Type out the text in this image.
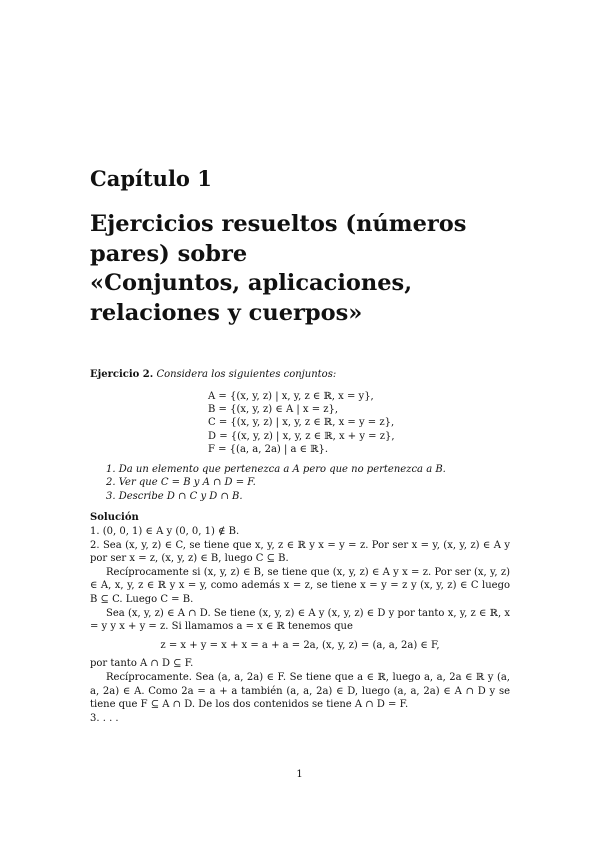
Capítulo 1
Ejercicios resueltos (números
pares) sobre
«Conjuntos, aplicaciones,
relaciones y cuerpos»

Ejercicio 2. Considera los siguientes conjuntos:

A = {(x, y, z) | x, y, z ∈ ℝ, x = y},
B = {(x, y, z) ∈ A | x = z},
C = {(x, y, z) | x, y, z ∈ ℝ, x = y = z},
D = {(x, y, z) | x, y, z ∈ ℝ, x + y = z},
F = {(a, a, 2a) | a ∈ ℝ}.
1. Da un elemento que pertenezca a A pero que no pertenezca a B.
2. Ver que C = B y A ∩ D = F.
3. Describe D ∩ C y D ∩ B.

Solución

1. (0, 0, 1) ∈ A y (0, 0, 1) ∉ B.

2. Sea (x, y, z) ∈ C, se tiene que x, y, z ∈ ℝ y x = y = z. Por ser x = y, (x, y, z) ∈ A y por ser x = z, (x, y, z) ∈ B, luego C ⊆ B.

Recíprocamente si (x, y, z) ∈ B, se tiene que (x, y, z) ∈ A y x = z. Por ser (x, y, z) ∈ A, x, y, z ∈ ℝ y x = y, como además x = z, se tiene x = y = z y (x, y, z) ∈ C luego B ⊆ C. Luego C = B.

Sea (x, y, z) ∈ A ∩ D. Se tiene (x, y, z) ∈ A y (x, y, z) ∈ D y por tanto x, y, z ∈ ℝ, x = y y x + y = z. Si llamamos a = x ∈ ℝ tenemos que

z = x + y = x + x = a + a = 2a, (x, y, z) = (a, a, 2a) ∈ F,

por tanto A ∩ D ⊆ F.

Recíprocamente. Sea (a, a, 2a) ∈ F. Se tiene que a ∈ ℝ, luego a, a, 2a ∈ ℝ y (a, a, 2a) ∈ A. Como 2a = a + a también (a, a, 2a) ∈ D, luego (a, a, 2a) ∈ A ∩ D y se tiene que F ⊆ A ∩ D. De los dos contenidos se tiene A ∩ D = F.

3. . . .

1
